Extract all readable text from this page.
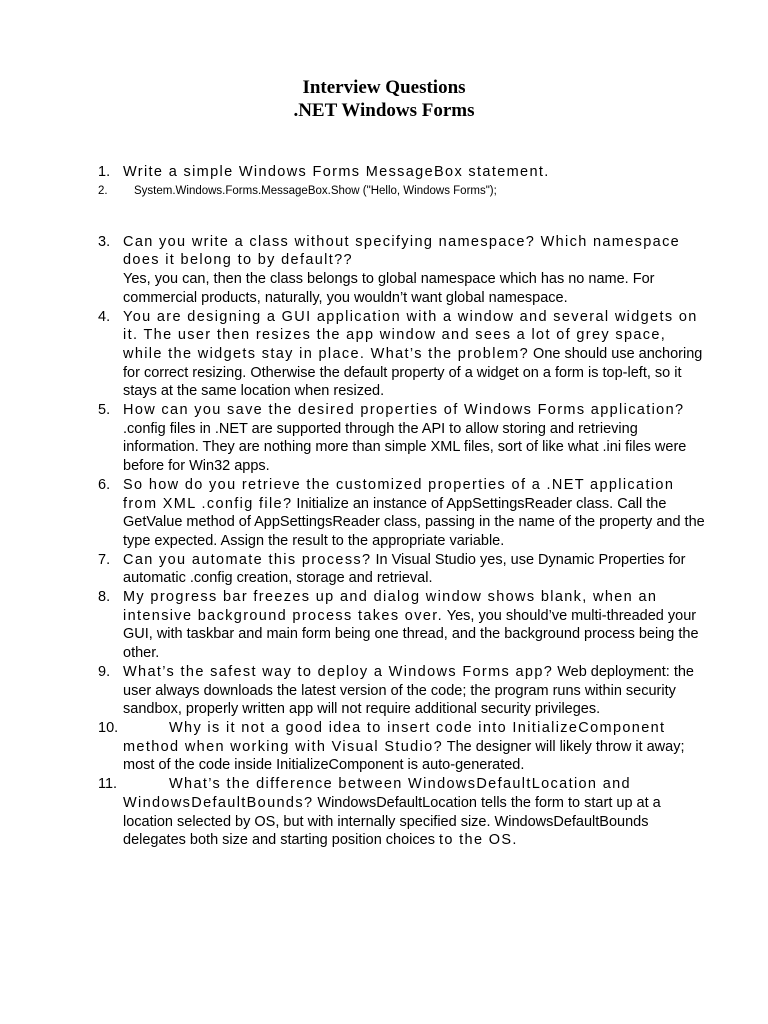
Interview Questions
.NET Windows Forms
1. Write a simple Windows Forms MessageBox statement.
2. System.Windows.Forms.MessageBox.Show ("Hello, Windows Forms");
3. Can you write a class without specifying namespace? Which namespace does it belong to by default??
Yes, you can, then the class belongs to global namespace which has no name. For commercial products, naturally, you wouldn’t want global namespace.
4. You are designing a GUI application with a window and several widgets on it. The user then resizes the app window and sees a lot of grey space, while the widgets stay in place. What’s the problem? One should use anchoring for correct resizing. Otherwise the default property of a widget on a form is top-left, so it stays at the same location when resized.
5. How can you save the desired properties of Windows Forms application? .config files in .NET are supported through the API to allow storing and retrieving information. They are nothing more than simple XML files, sort of like what .ini files were before for Win32 apps.
6. So how do you retrieve the customized properties of a .NET application from XML .config file? Initialize an instance of AppSettingsReader class. Call the GetValue method of AppSettingsReader class, passing in the name of the property and the type expected. Assign the result to the appropriate variable.
7. Can you automate this process? In Visual Studio yes, use Dynamic Properties for automatic .config creation, storage and retrieval.
8. My progress bar freezes up and dialog window shows blank, when an intensive background process takes over. Yes, you should’ve multi-threaded your GUI, with taskbar and main form being one thread, and the background process being the other.
9. What’s the safest way to deploy a Windows Forms app? Web deployment: the user always downloads the latest version of the code; the program runs within security sandbox, properly written app will not require additional security privileges.
10.	Why is it not a good idea to insert code into InitializeComponent method when working with Visual Studio? The designer will likely throw it away; most of the code inside InitializeComponent is auto-generated.
11.	What’s the difference between WindowsDefaultLocation and WindowsDefaultBounds? WindowsDefaultLocation tells the form to start up at a location selected by OS, but with internally specified size. WindowsDefaultBounds delegates both size and starting position choices to the OS.
